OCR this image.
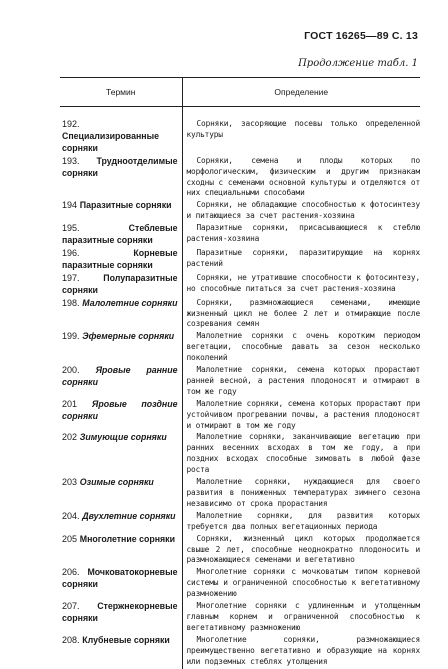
ГОСТ 16265—89 С. 13
Продолжение табл. 1
Термин	Определение

192. Специализированные сорняки	Сорняки, засоряющие посевы только определенной культуры

193. Трудноотделимые сорняки	Сорняки, семена и плоды которых по морфологическим, физическим и другим признакам сходны с семенами основной культуры и отделяются от них специальными способами

194 Паразитные сорняки	Сорняки, не обладающие способностью к фотосинтезу и питающиеся за счет растения-хозяина

195. Стеблевые паразитные сорняки	Паразитные сорняки, присасывающиеся к стеблю растения-хозяина

196. Корневые паразитные сорняки	Паразитные сорняки, паразитирующие на корнях растений

197. Полупаразитные сорняки	Сорняки, не утратившие способности к фотосинтезу, но способные питаться за счет растения-хозяина

198. Малолетние сорняки	Сорняки, размножающиеся семенами, имеющие жизненный цикл не более 2 лет и отмирающие после созревания семян

199. Эфемерные сорняки	Малолетние сорняки с очень коротким периодом вегетации, способные давать за сезон несколько поколений

200. Яровые ранние сорняки	Малолетние сорняки, семена которых прорастают ранней весной, а растения плодоносят и отмирают в том же году

201 Яровые поздние сорняки	Малолетние сорняки, семена которых прорастают при устойчивом прогревании почвы, а растения плодоносят и отмирают в том же году

202 Зимующие сорняки	Малолетние сорняки, заканчивающие вегетацию при ранних весенних всходах в том же году, а при поздних всходах способные зимовать в любой фазе роста

203 Озимые сорняки	Малолетние сорняки, нуждающиеся для своего развития в пониженных температурах зимнего сезона независимо от срока прорастания

204. Двухлетние сорняки	Малолетние сорняки, для развития которых требуется два полных вегетационных периода

205 Многолетние сорняки	Сорняки, жизненный цикл которых продолжается свыше 2 лет, способные неоднократно плодоносить и размножающиеся семенами и вегетативно

206. Мочковатокорневые сорняки	Многолетние сорняки с мочковатым типом корневой системы и ограниченной способностью к вегетативному размножению

207. Стержнекорневые сорняки	Многолетние сорняки с удлиненным и утолщенным главным корнем и ограниченной способностью к вегетативному размножению

208. Клубневые сорняки	Многолетние сорняки, размножающиеся преимущественно вегетативно и образующие на корнях или подземных стеблях утолщения
